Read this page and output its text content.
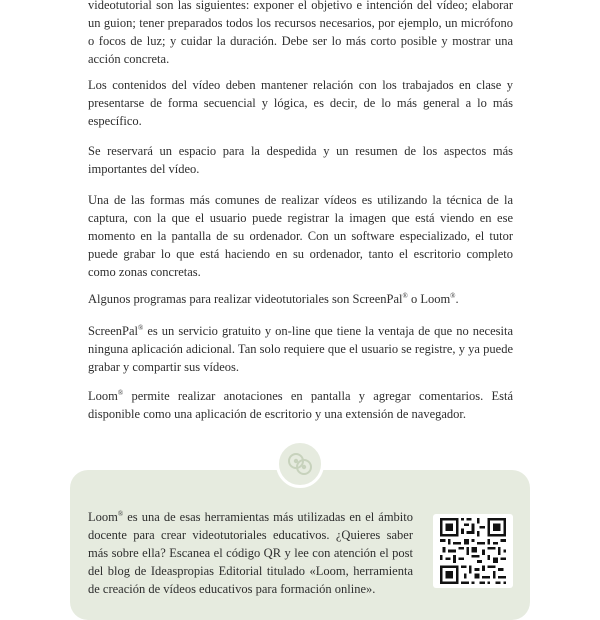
videotutorial son las siguientes: exponer el objetivo e intención del vídeo; elaborar un guion; tener preparados todos los recursos necesarios, por ejemplo, un micrófono o focos de luz; y cuidar la duración. Debe ser lo más corto posible y mostrar una acción concreta.

Los contenidos del vídeo deben mantener relación con los trabajados en clase y presentarse de forma secuencial y lógica, es decir, de lo más general a lo más específico.

Se reservará un espacio para la despedida y un resumen de los aspectos más importantes del vídeo.

Una de las formas más comunes de realizar vídeos es utilizando la técnica de la captura, con la que el usuario puede registrar la imagen que está viendo en ese momento en la pantalla de su ordenador. Con un software especializado, el tutor puede grabar lo que está haciendo en su ordenador, tanto el escritorio completo como zonas concretas.

Algunos programas para realizar videotutoriales son ScreenPal® o Loom®.

ScreenPal® es un servicio gratuito y on-line que tiene la ventaja de que no necesita ninguna aplicación adicional. Tan solo requiere que el usuario se registre, y ya puede grabar y compartir sus vídeos.

Loom® permite realizar anotaciones en pantalla y agregar comentarios. Está disponible como una aplicación de escritorio y una extensión de navegador.

Loom® es una de esas herramientas más utilizadas en el ámbito docente para crear videotutoriales educativos. ¿Quieres saber más sobre ella? Escanea el código QR y lee con atención el post del blog de Ideaspropias Editorial titulado «Loom, herramienta de creación de vídeos educativos para formación online».
